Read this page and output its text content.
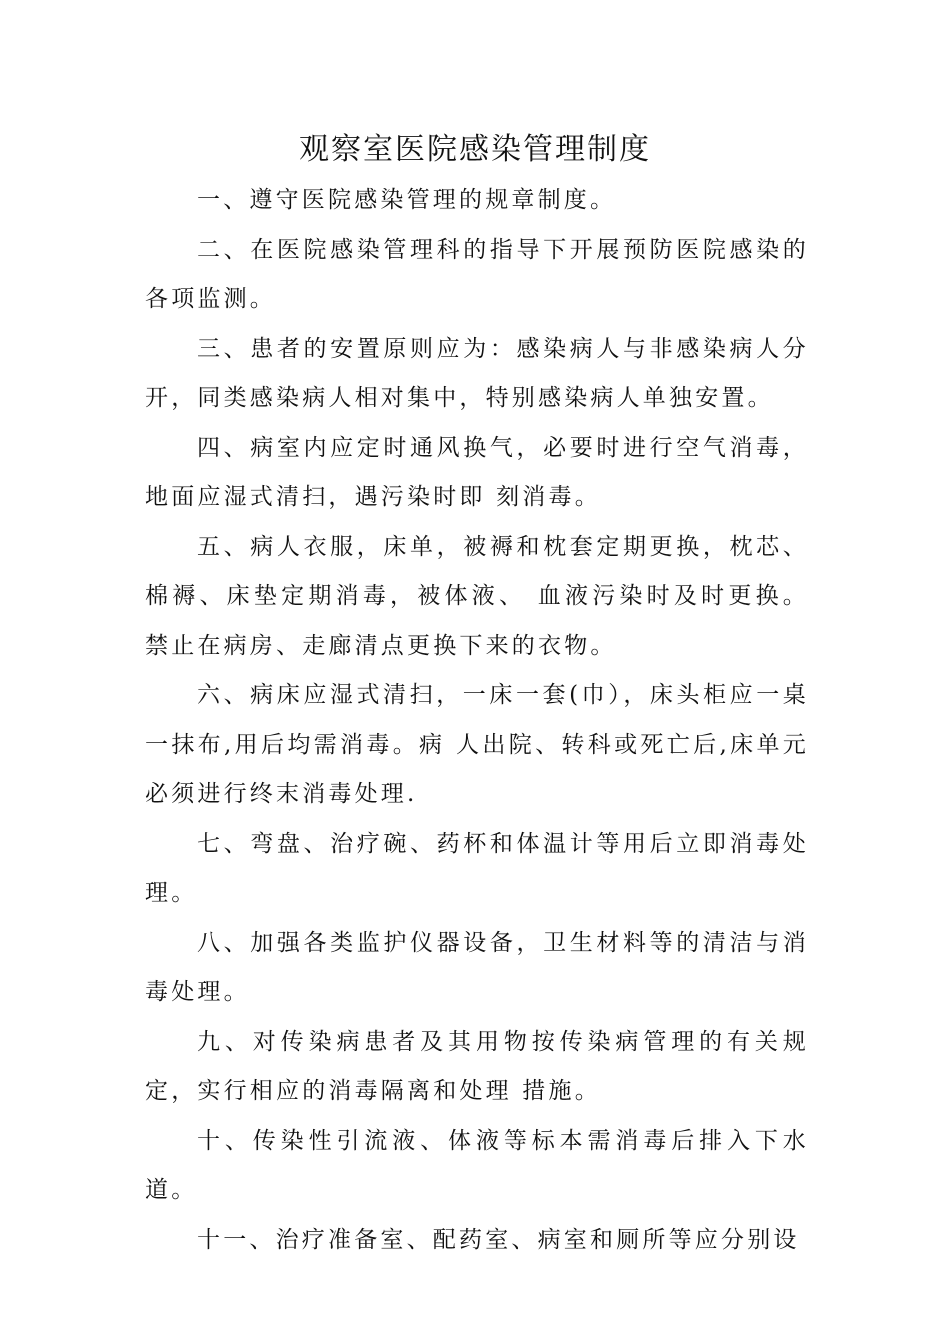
观察室医院感染管理制度

一、遵守医院感染管理的规章制度。

二、在医院感染管理科的指导下开展预防医院感染的各项监测。

三、患者的安置原则应为：感染病人与非感染病人分开，同类感染病人相对集中，特别感染病人单独安置。

四、病室内应定时通风换气，必要时进行空气消毒，地面应湿式清扫，遇污染时即 刻消毒。

五、病人衣服，床单，被褥和枕套定期更换，枕芯、棉褥、床垫定期消毒，被体液、 血液污染时及时更换。禁止在病房、走廊清点更换下来的衣物。

六、病床应湿式清扫，一床一套(巾），床头柜应一桌一抹布,用后均需消毒。病 人出院、转科或死亡后,床单元必须进行终末消毒处理.

七、弯盘、治疗碗、药杯和体温计等用后立即消毒处理。

八、加强各类监护仪器设备，卫生材料等的清洁与消毒处理。

九、对传染病患者及其用物按传染病管理的有关规定，实行相应的消毒隔离和处理 措施。

十、传染性引流液、体液等标本需消毒后排入下水道。

十一、治疗准备室、配药室、病室和厕所等应分别设
